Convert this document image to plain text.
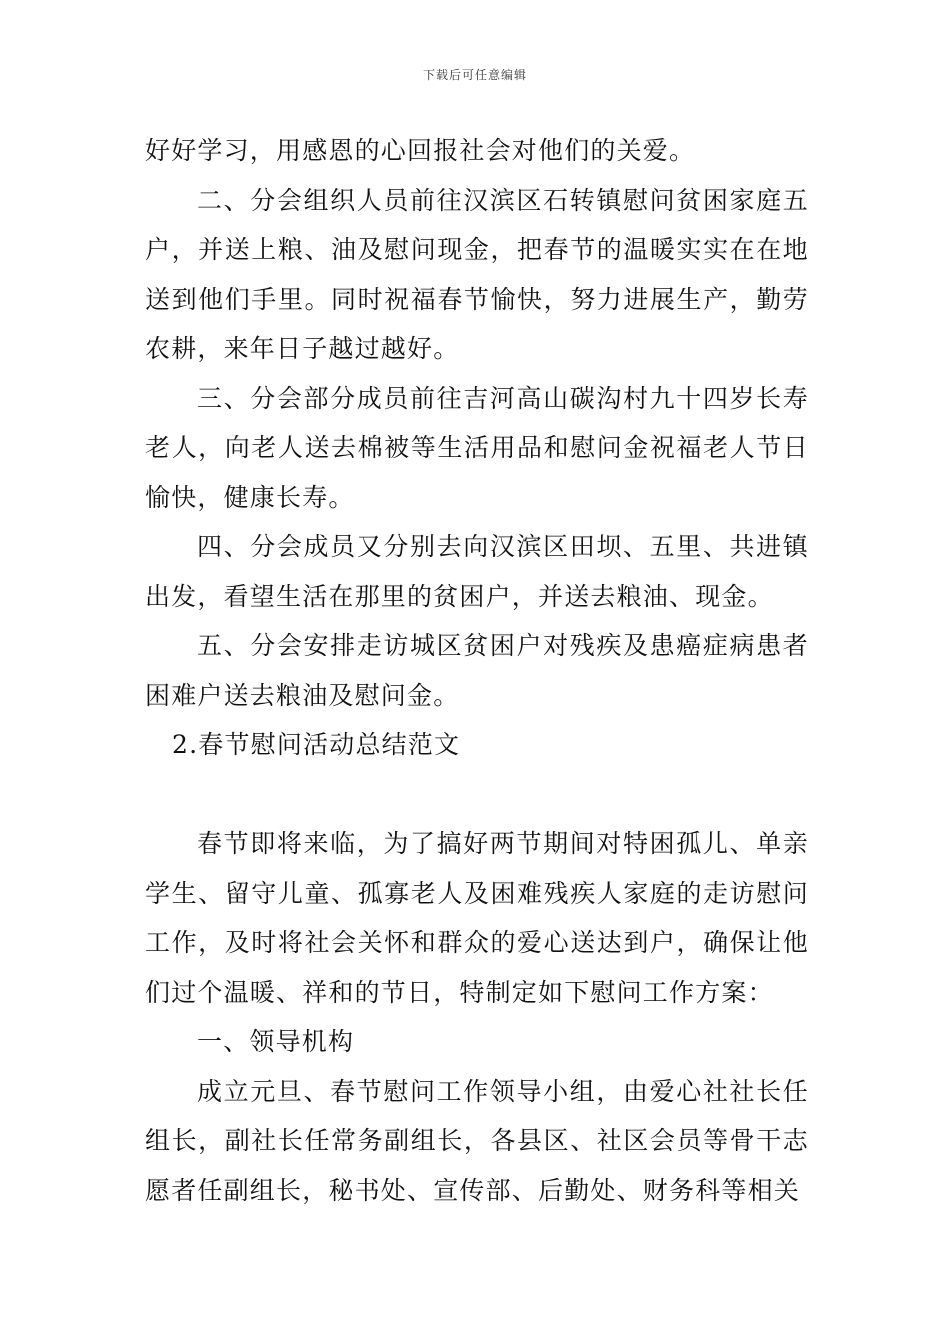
下载后可任意编辑

好好学习，用感恩的心回报社会对他们的关爱。

二、分会组织人员前往汉滨区石转镇慰问贫困家庭五户，并送上粮、油及慰问现金，把春节的温暖实实在在地送到他们手里。同时祝福春节愉快，努力进展生产，勤劳农耕，来年日子越过越好。

三、分会部分成员前往吉河高山碳沟村九十四岁长寿老人，向老人送去棉被等生活用品和慰问金祝福老人节日愉快，健康长寿。

四、分会成员又分别去向汉滨区田坝、五里、共进镇出发，看望生活在那里的贫困户，并送去粮油、现金。

五、分会安排走访城区贫困户对残疾及患癌症病患者困难户送去粮油及慰问金。

2.春节慰问活动总结范文

春节即将来临，为了搞好两节期间对特困孤儿、单亲学生、留守儿童、孤寡老人及困难残疾人家庭的走访慰问工作，及时将社会关怀和群众的爱心送达到户，确保让他们过个温暖、祥和的节日，特制定如下慰问工作方案：

一、领导机构

成立元旦、春节慰问工作领导小组，由爱心社社长任组长，副社长任常务副组长，各县区、社区会员等骨干志愿者任副组长，秘书处、宣传部、后勤处、财务科等相关
